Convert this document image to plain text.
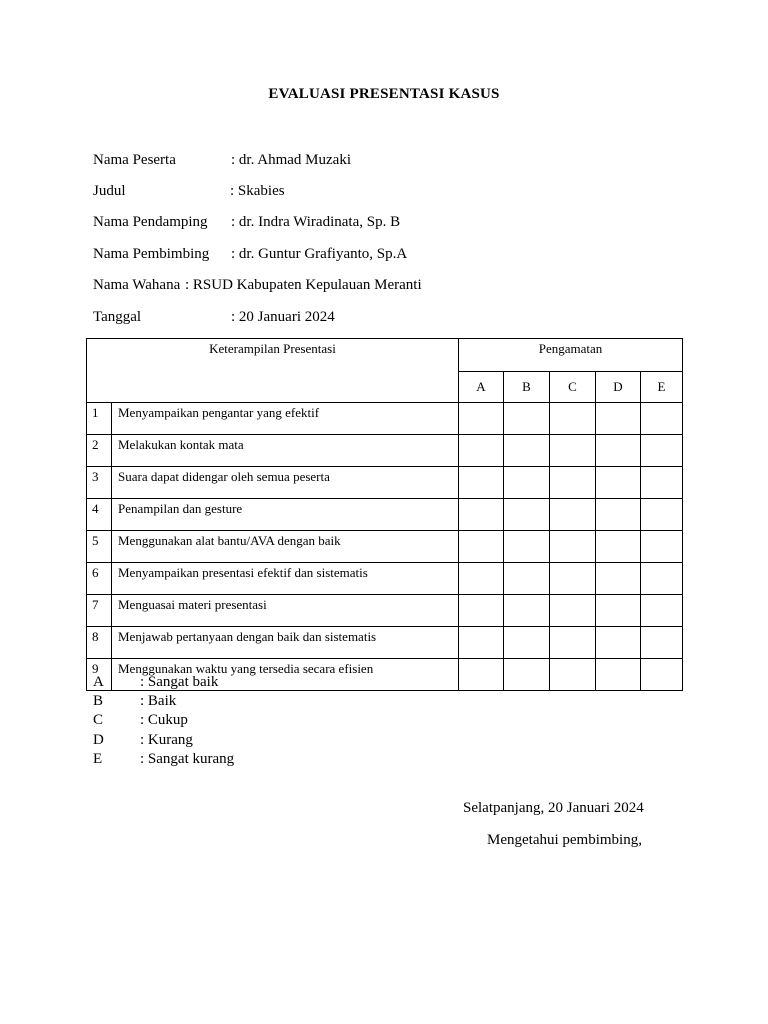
EVALUASI PRESENTASI KASUS
Nama Peserta	: dr. Ahmad Muzaki
Judul	: Skabies
Nama Pendamping : dr. Indra Wiradinata, Sp. B
Nama Pembimbing : dr. Guntur Grafiyanto, Sp.A
Nama Wahana : RSUD Kabupaten Kepulauan Meranti
Tanggal	: 20 Januari 2024
Keterampilan Presentasi		Pengamatan				
		A	B	C	D	E
1	Menyampaikan pengantar yang efektif					
2	Melakukan kontak mata					
3	Suara dapat didengar oleh semua peserta					
4	Penampilan dan gesture					
5	Menggunakan alat bantu/AVA dengan baik					
6	Menyampaikan presentasi efektif dan sistematis					
7	Menguasai materi presentasi					
8	Menjawab pertanyaan dengan baik dan sistematis					
9	Menggunakan waktu yang tersedia secara efisien					
A : Sangat baik
B : Baik
C : Cukup
D : Kurang
E	: Sangat kurang
Selatpanjang, 20 Januari 2024
Mengetahui pembimbing,
